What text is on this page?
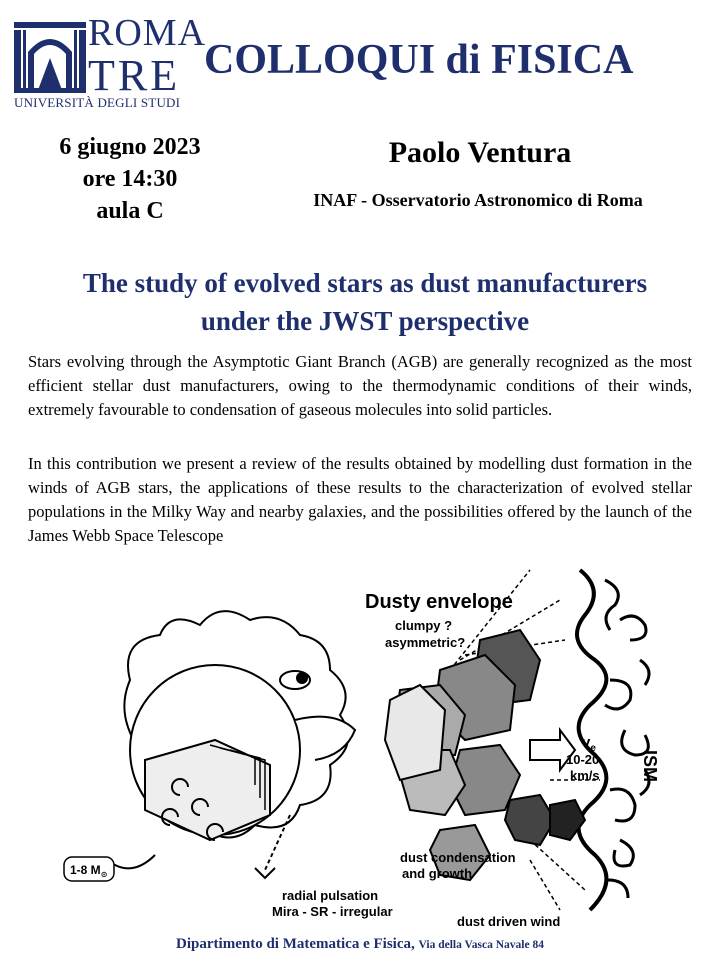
ROMA
TRE
UNIVERSITÀ DEGLI STUDI
COLLOQUI di FISICA
6 giugno 2023
ore 14:30
aula C
Paolo Ventura
INAF - Osservatorio Astronomico di Roma
The study of evolved stars as dust manufacturers
under the JWST perspective
Stars evolving through the Asymptotic Giant Branch (AGB) are generally recognized as the most efficient stellar dust manufacturers, owing to the thermodynamic conditions of their winds, extremely favourable to condensation of gaseous molecules into solid particles.
In this contribution we present a review of the results obtained by modelling dust formation in the winds of AGB stars, the applications of these results to the characterization of evolved stellar populations in the Milky Way and nearby galaxies, and the possibilities offered by the launch of the James Webb Space Telescope
ISM
$v_e$
10-20
km/s
1-8 $M_⊙$
Dusty envelope
clumpy ?
asymmetric?
dust condensation
and growth
radial pulsation
Mira - SR - irregular
dust driven wind
Dipartimento di Matematica e Fisica, Via della Vasca Navale 84
